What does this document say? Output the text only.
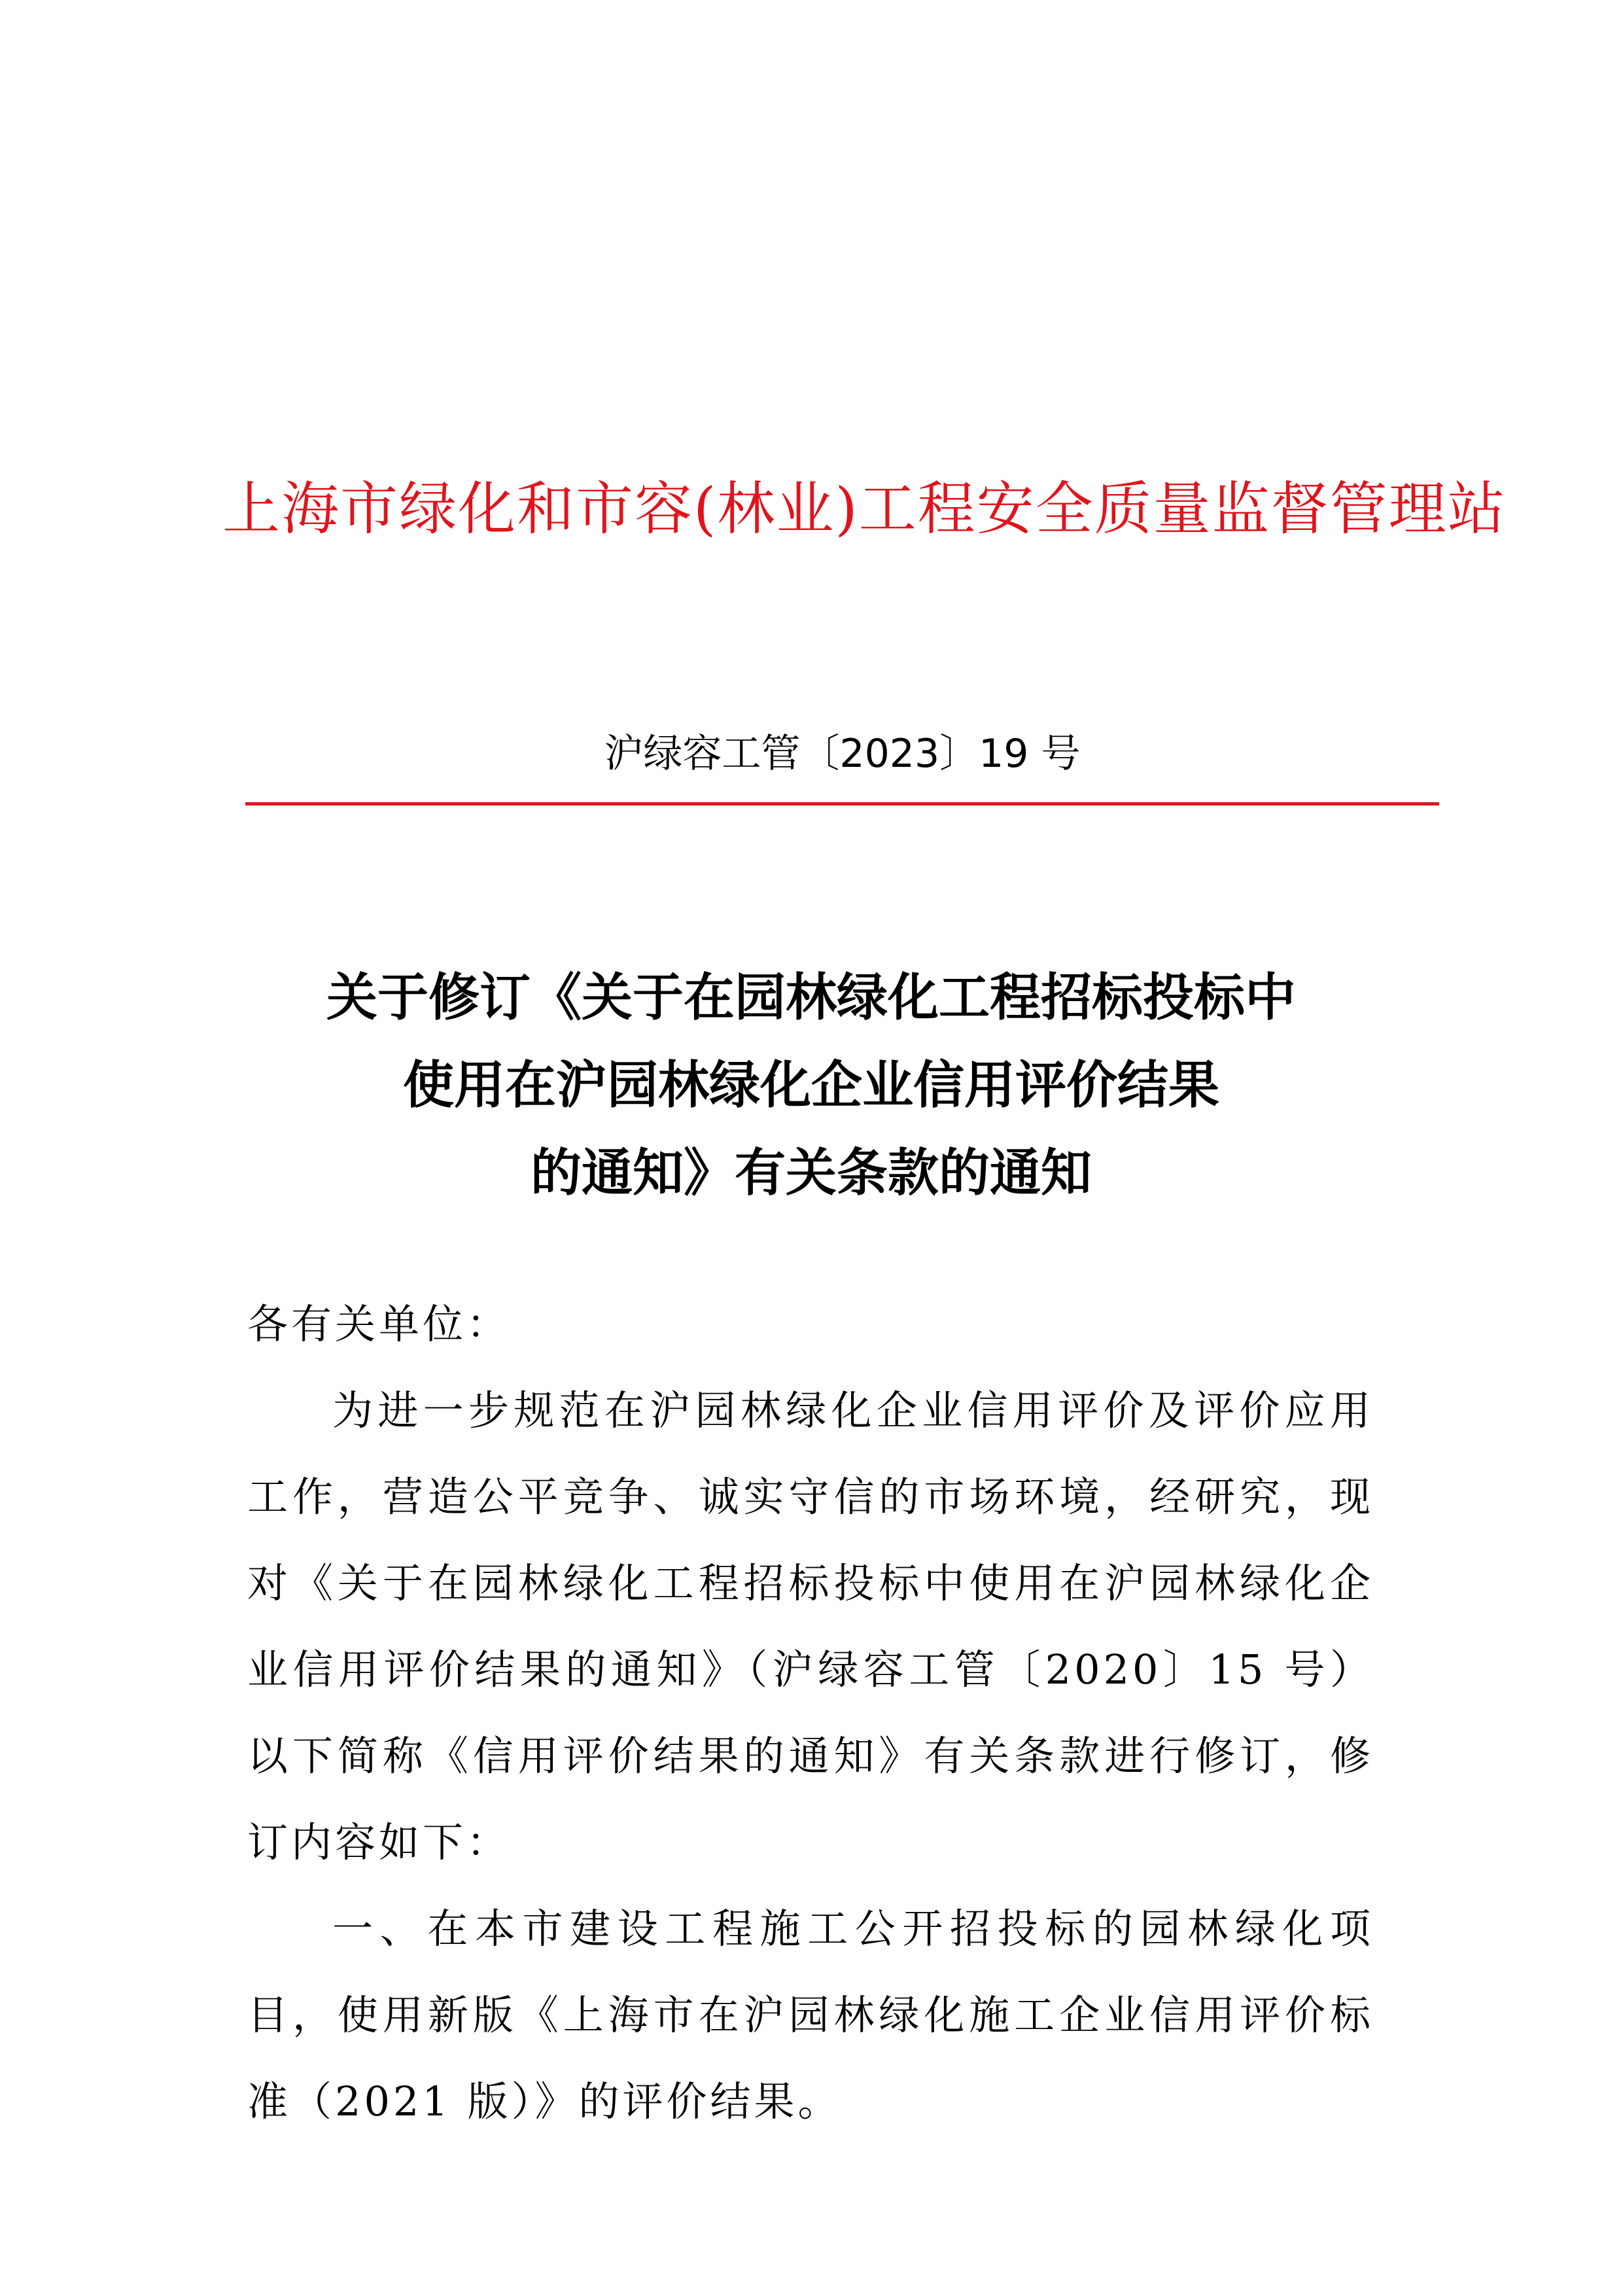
上海市绿化和市容(林业)工程安全质量监督管理站
沪绿容工管〔2023〕19 号
关于修订《关于在园林绿化工程招标投标中
使用在沪园林绿化企业信用评价结果
的通知》有关条款的通知

各有关单位：

为进一步规范在沪园林绿化企业信用评价及评价应用工作，营造公平竞争、诚实守信的市场环境，经研究，现对《关于在园林绿化工程招标投标中使用在沪园林绿化企业信用评价结果的通知》（沪绿容工管〔2020〕15 号）以下简称《信用评价结果的通知》有关条款进行修订，修订内容如下：

一、在本市建设工程施工公开招投标的园林绿化项目，使用新版《上海市在沪园林绿化施工企业信用评价标准（2021 版）》的评价结果。
